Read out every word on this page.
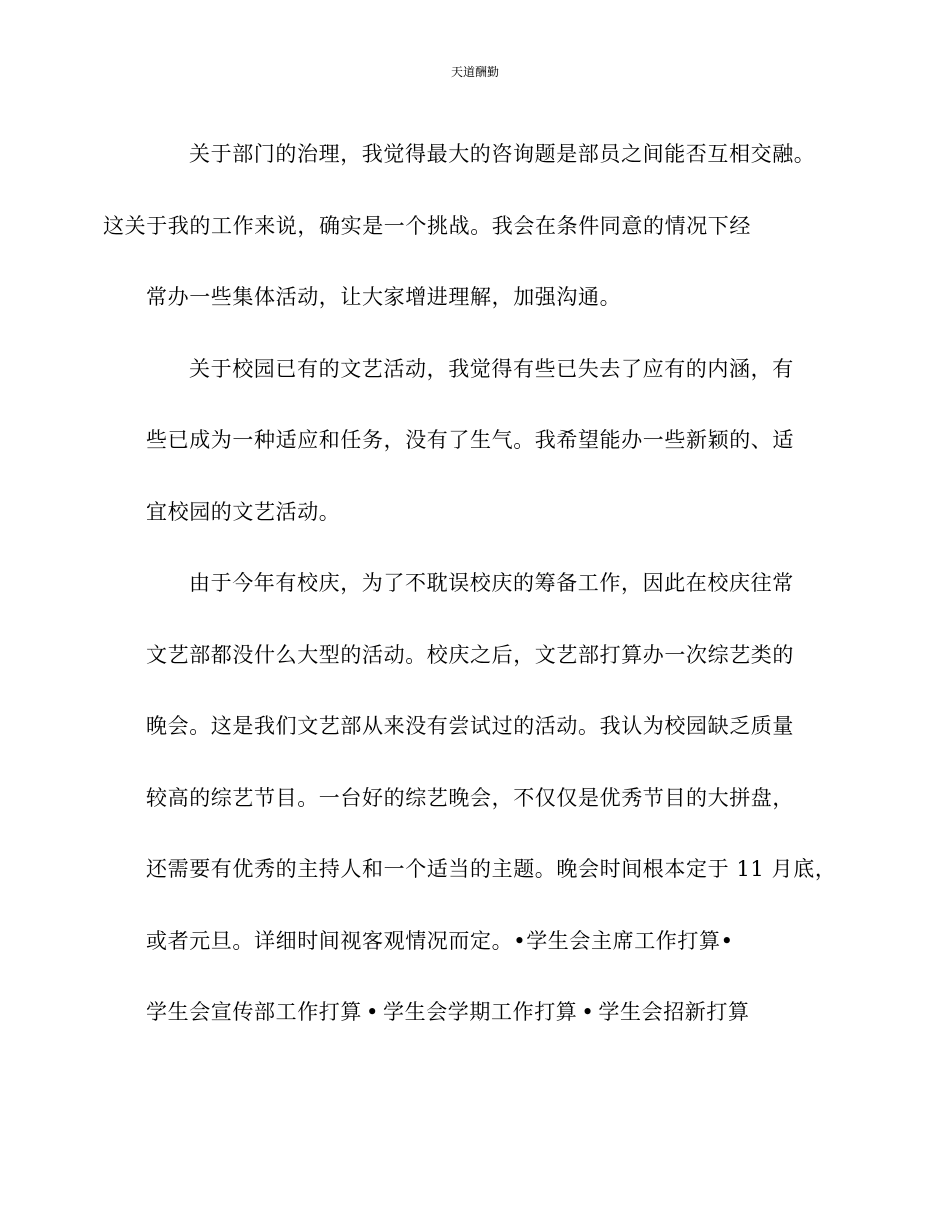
天道酬勤

关于部门的治理，我觉得最大的咨询题是部员之间能否互相交融。
这关于我的工作来说，确实是一个挑战。我会在条件同意的情况下经
常办一些集体活动，让大家增进理解，加强沟通。

关于校园已有的文艺活动，我觉得有些已失去了应有的内涵，有
些已成为一种适应和任务，没有了生气。我希望能办一些新颖的、适
宜校园的文艺活动。

由于今年有校庆，为了不耽误校庆的筹备工作，因此在校庆往常
文艺部都没什么大型的活动。校庆之后，文艺部打算办一次综艺类的
晚会。这是我们文艺部从来没有尝试过的活动。我认为校园缺乏质量
较高的综艺节目。一台好的综艺晚会，不仅仅是优秀节目的大拼盘，
还需要有优秀的主持人和一个适当的主题。晚会时间根本定于 11 月底，
或者元旦。详细时间视客观情况而定。•学生会主席工作打算•

学生会宣传部工作打算 • 学生会学期工作打算 • 学生会招新打算
